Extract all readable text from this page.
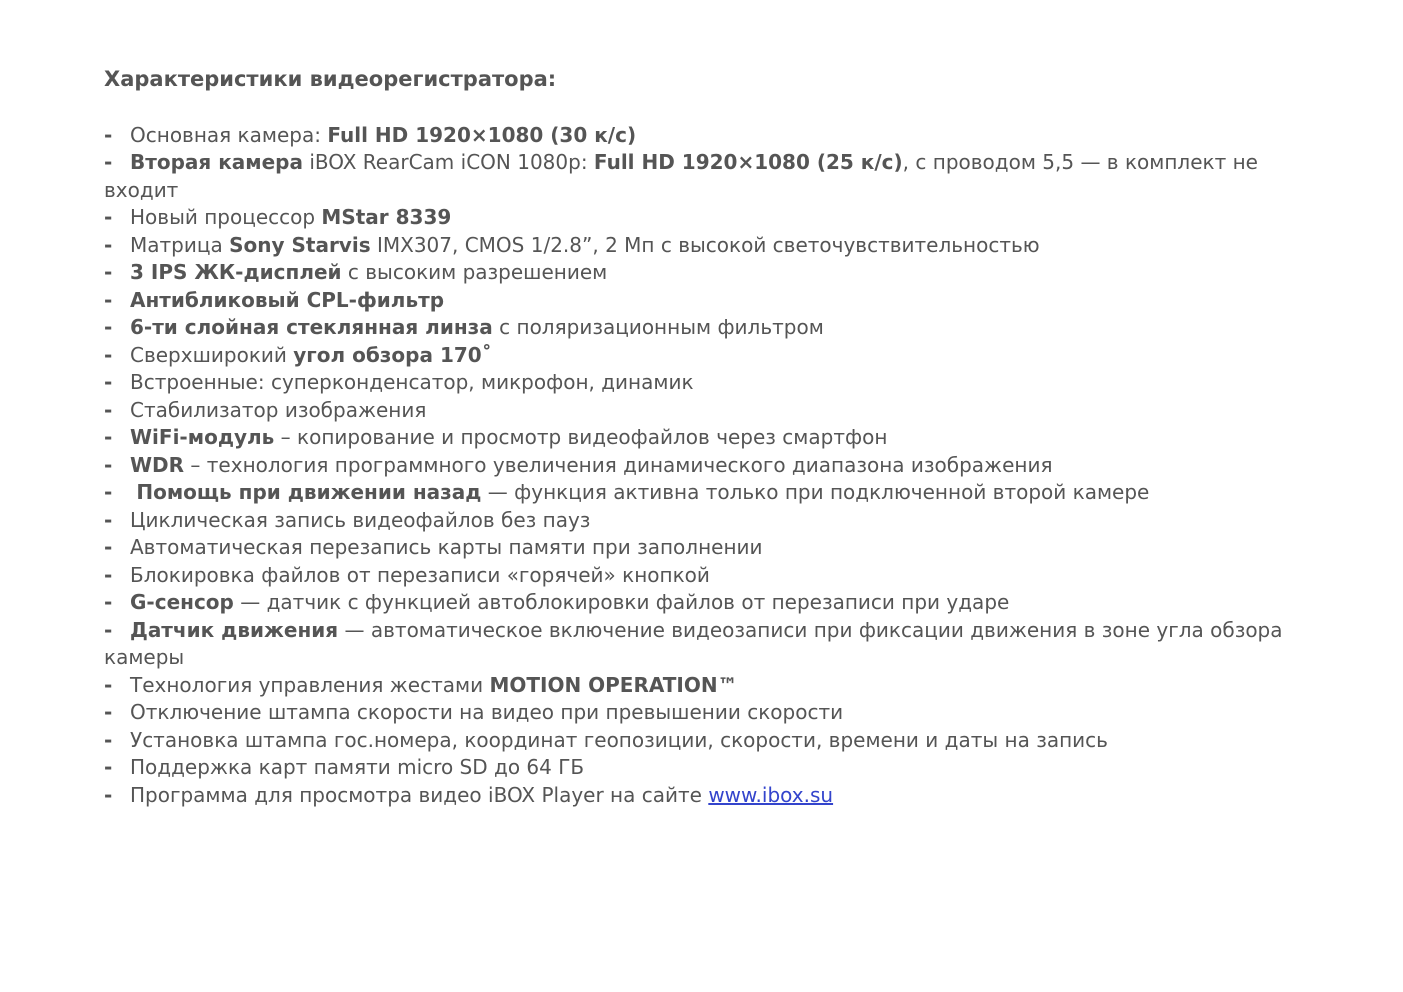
Характеристики видеорегистратора:
- Основная камера: Full HD 1920×1080 (30 к/с)
- Вторая камера iBOX RearCam iCON 1080p: Full HD 1920×1080 (25 к/с), с проводом 5,5 — в комплект не входит
- Новый процессор MStar 8339
- Матрица Sony Starvis IMX307, CMOS 1/2.8”, 2 Мп с высокой светочувствительностью
- 3 IPS ЖК-дисплей с высоким разрешением
- Антибликовый CPL-фильтр
- 6-ти слойная стеклянная линза с поляризационным фильтром
- Сверхширокий угол обзора 170˚
- Встроенные: суперконденсатор, микрофон, динамик
- Стабилизатор изображения
- WiFi-модуль – копирование и просмотр видеофайлов через смартфон
- WDR – технология программного увеличения динамического диапазона изображения
- Помощь при движении назад — функция активна только при подключенной второй камере
- Циклическая запись видеофайлов без пауз
- Автоматическая перезапись карты памяти при заполнении
- Блокировка файлов от перезаписи «горячей» кнопкой
- G-сенсор — датчик с функцией автоблокировки файлов от перезаписи при ударе
- Датчик движения — автоматическое включение видеозаписи при фиксации движения в зоне угла обзора камеры
- Технология управления жестами MOTION OPERATION™
- Отключение штампа скорости на видео при превышении скорости
- Установка штампа гос.номера, координат геопозиции, скорости, времени и даты на запись
- Поддержка карт памяти micro SD до 64 ГБ
- Программа для просмотра видео iBOX Player на сайте www.ibox.su
